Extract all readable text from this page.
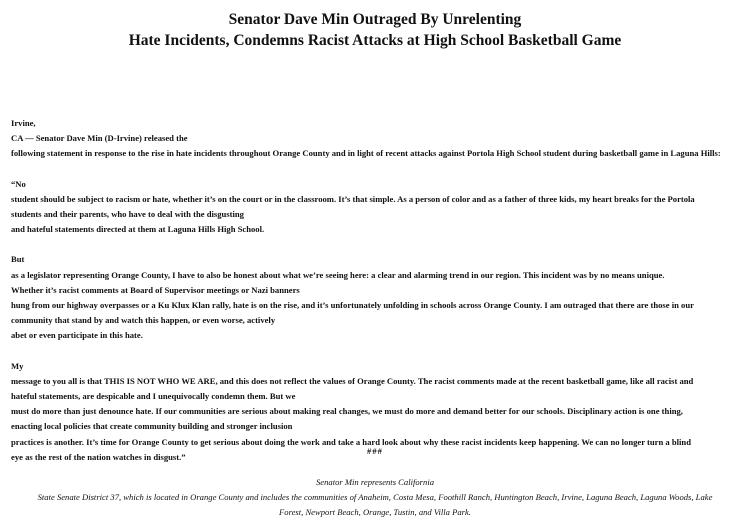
Senator Dave Min Outraged By Unrelenting
Hate Incidents, Condemns Racist Attacks at High School Basketball Game
Irvine,
CA — Senator Dave Min (D-Irvine) released the
following statement in response to the rise in hate incidents throughout Orange County and in light of recent attacks against Portola High School student during basketball game in Laguna Hills:
“No
student should be subject to racism or hate, whether it’s on the court or in the classroom. It’s that simple. As a person of color and as a father of three kids, my heart breaks for the Portola
students and their parents, who have to deal with the disgusting
and hateful statements directed at them at Laguna Hills High School.
But
as a legislator representing Orange County, I have to also be honest about what we’re seeing here: a clear and alarming trend in our region. This incident was by no means unique.
Whether it’s racist comments at Board of Supervisor meetings or Nazi banners
hung from our highway overpasses or a Ku Klux Klan rally, hate is on the rise, and it’s unfortunately unfolding in schools across Orange County. I am outraged that there are those in our
community that stand by and watch this happen, or even worse, actively
abet or even participate in this hate.
My
message to you all is that THIS IS NOT WHO WE ARE, and this does not reflect the values of Orange County. The racist comments made at the recent basketball game, like all racist and
hateful statements, are despicable and I unequivocally condemn them. But we
must do more than just denounce hate. If our communities are serious about making real changes, we must do more and demand better for our schools. Disciplinary action is one thing,
enacting local policies that create community building and stronger inclusion
practices is another. It’s time for Orange County to get serious about doing the work and take a hard look about why these racist incidents keep happening. We can no longer turn a blind
eye as the rest of the nation watches in disgust.”
###
Senator Min represents California
State Senate District 37, which is located in Orange County and includes the communities of Anaheim, Costa Mesa, Foothill Ranch, Huntington Beach, Irvine, Laguna Beach, Laguna Woods, Lake
Forest, Newport Beach, Orange, Tustin, and Villa Park.
